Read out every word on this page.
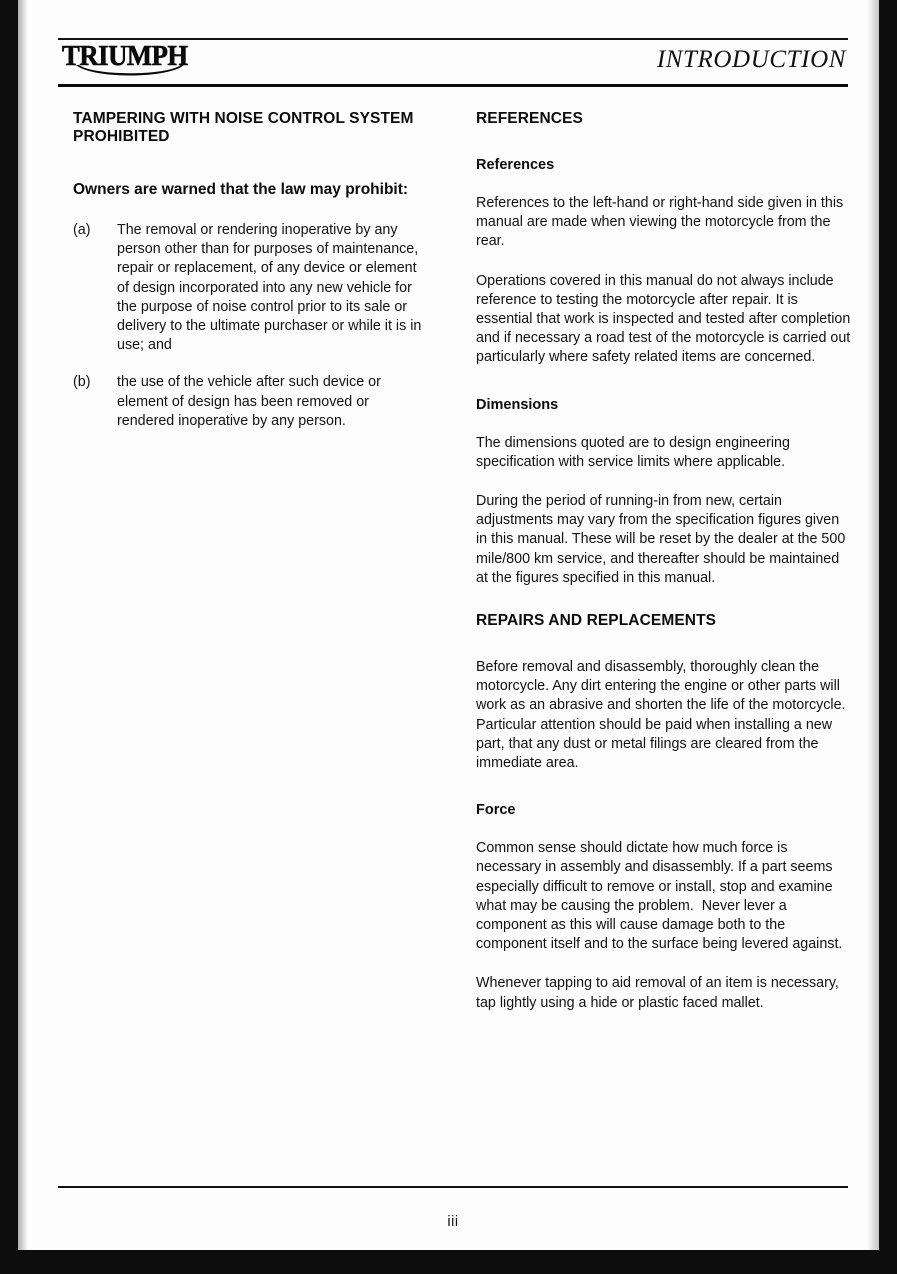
TRIUMPH	INTRODUCTION
TAMPERING WITH NOISE CONTROL SYSTEM PROHIBITED
Owners are warned that the law may prohibit:
(a)	The removal or rendering inoperative by any person other than for purposes of maintenance, repair or replacement, of any device or element of design incorporated into any new vehicle for the purpose of noise control prior to its sale or delivery to the ultimate purchaser or while it is in use; and
(b)	the use of the vehicle after such device or element of design has been removed or rendered inoperative by any person.
REFERENCES
References

References to the left-hand or right-hand side given in this manual are made when viewing the motorcycle from the rear.

Operations covered in this manual do not always include reference to testing the motorcycle after repair. It is essential that work is inspected and tested after completion and if necessary a road test of the motorcycle is carried out particularly where safety related items are concerned.

Dimensions

The dimensions quoted are to design engineering specification with service limits where applicable.

During the period of running-in from new, certain adjustments may vary from the specification figures given in this manual. These will be reset by the dealer at the 500 mile/800 km service, and thereafter should be maintained at the figures specified in this manual.

REPAIRS AND REPLACEMENTS

Before removal and disassembly, thoroughly clean the motorcycle. Any dirt entering the engine or other parts will work as an abrasive and shorten the life of the motorcycle.  Particular attention should be paid when installing a new part, that any dust or metal filings are cleared from the immediate area.

Force

Common sense should dictate how much force is necessary in assembly and disassembly. If a part seems especially difficult to remove or install, stop and examine what may be causing the problem.  Never lever a component as this will cause damage both to the component itself and to the surface being levered against.

Whenever tapping to aid removal of an item is necessary, tap lightly using a hide or plastic faced mallet.

iii
